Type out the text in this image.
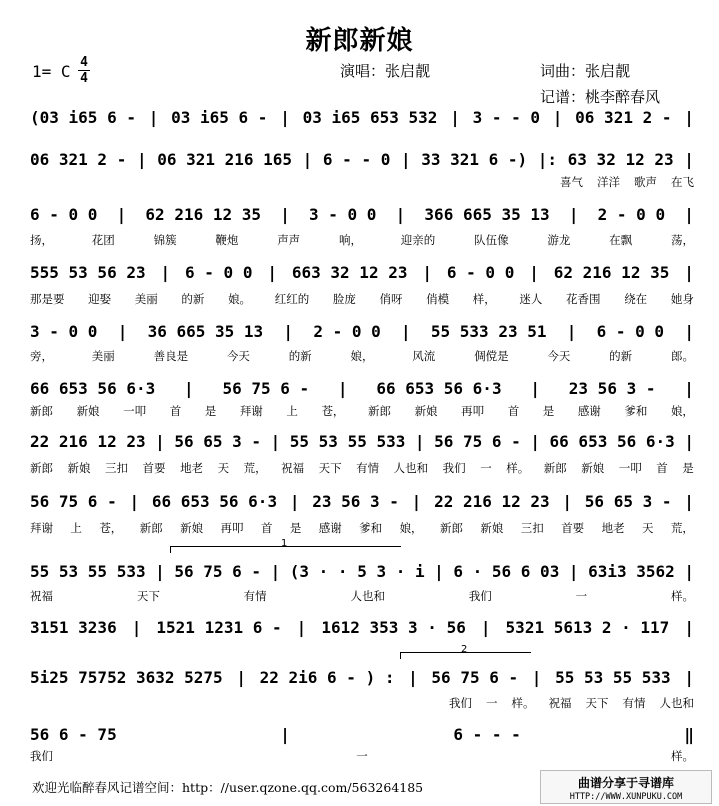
新郎新娘
演唱：张启靓	词曲：张启靓
记谱：桃李醉春风
1= C 4
4
(03 i65 6 - | 03 i65 6 - | 03 i65 653 532 | 3 - - 0 | 06 321 2 - |
06 321 2 - | 06 321 216 165 | 6 - - 0 | 33 321 6 -) |: 63 32 12 23 |
喜气 洋洋 歌声 在飞
6 - 0 0 | 62 216 12 35 | 3 - 0 0 | 366 665 35 13 | 2 - 0 0 |
扬，	花团	锦簇	鞭炮	声声	响，	迎亲的	队伍像	游龙	在飘	荡，
555 53 56 23 | 6 - 0 0 | 663 32 12 23 | 6 - 0 0 | 62 216 12 35 |
那是要 迎娶 美丽 的新 娘。 红红的 脸庞 俏呀 俏模 样， 迷人 花香围 绕在 她身
3 - 0 0 | 36 665 35 13 | 2 - 0 0 | 55 533 23 51 | 6 - 0 0 |
旁，	美丽	善良是	今天	的新	娘，	风流	倜傥是	今天	的新	郎。
66 653 56 6·3 | 56 75 6 - | 66 653 56 6·3 | 23 56 3 - |
新郎 新娘 一叩 首 是 拜谢 上 苍， 新郎 新娘 再叩 首 是 感谢 爹和 娘，
22 216 12 23 | 56 65 3 - | 55 53 55 533 | 56 75 6 - | 66 653 56 6·3 |
新郎 新娘 三扣 首要 地老 天 荒， 祝福 天下 有情 人也和 我们 一 样。 新郎 新娘 一叩 首 是
56 75 6 - | 66 653 56 6·3 | 23 56 3 - | 22 216 12 23 | 56 65 3 - |
拜谢 上 苍， 新郎 新娘 再叩 首 是 感谢 爹和 娘， 新郎 新娘 三扣 首要 地老 天 荒，
55 53 55 533 | 56 75 6 - | (3 · · 5 3 · i | 6 · 56 6 03 | 63i3 3562 |
祝福	天下	有情	人也和	我们	一	样。
1
3151 3236 | 1521 1231 6 - | 1612 353 3 · 56 | 5321 5613 2 · 117 |
5i25 75752 3632 5275 | 22 2i6 6 - ) : | 56 75 6 - | 55 53 55 533 |
我们 一 样。 祝福 天下 有情 人也和
2
56 6 - 75	|	6 - - -	‖
我们	一	样。
欢迎光临醉春风记谱空间：http：//user.qzone.qq.com/563264185	曲谱分享于寻谱库
HTTP://WWW.XUNPUKU.COM
